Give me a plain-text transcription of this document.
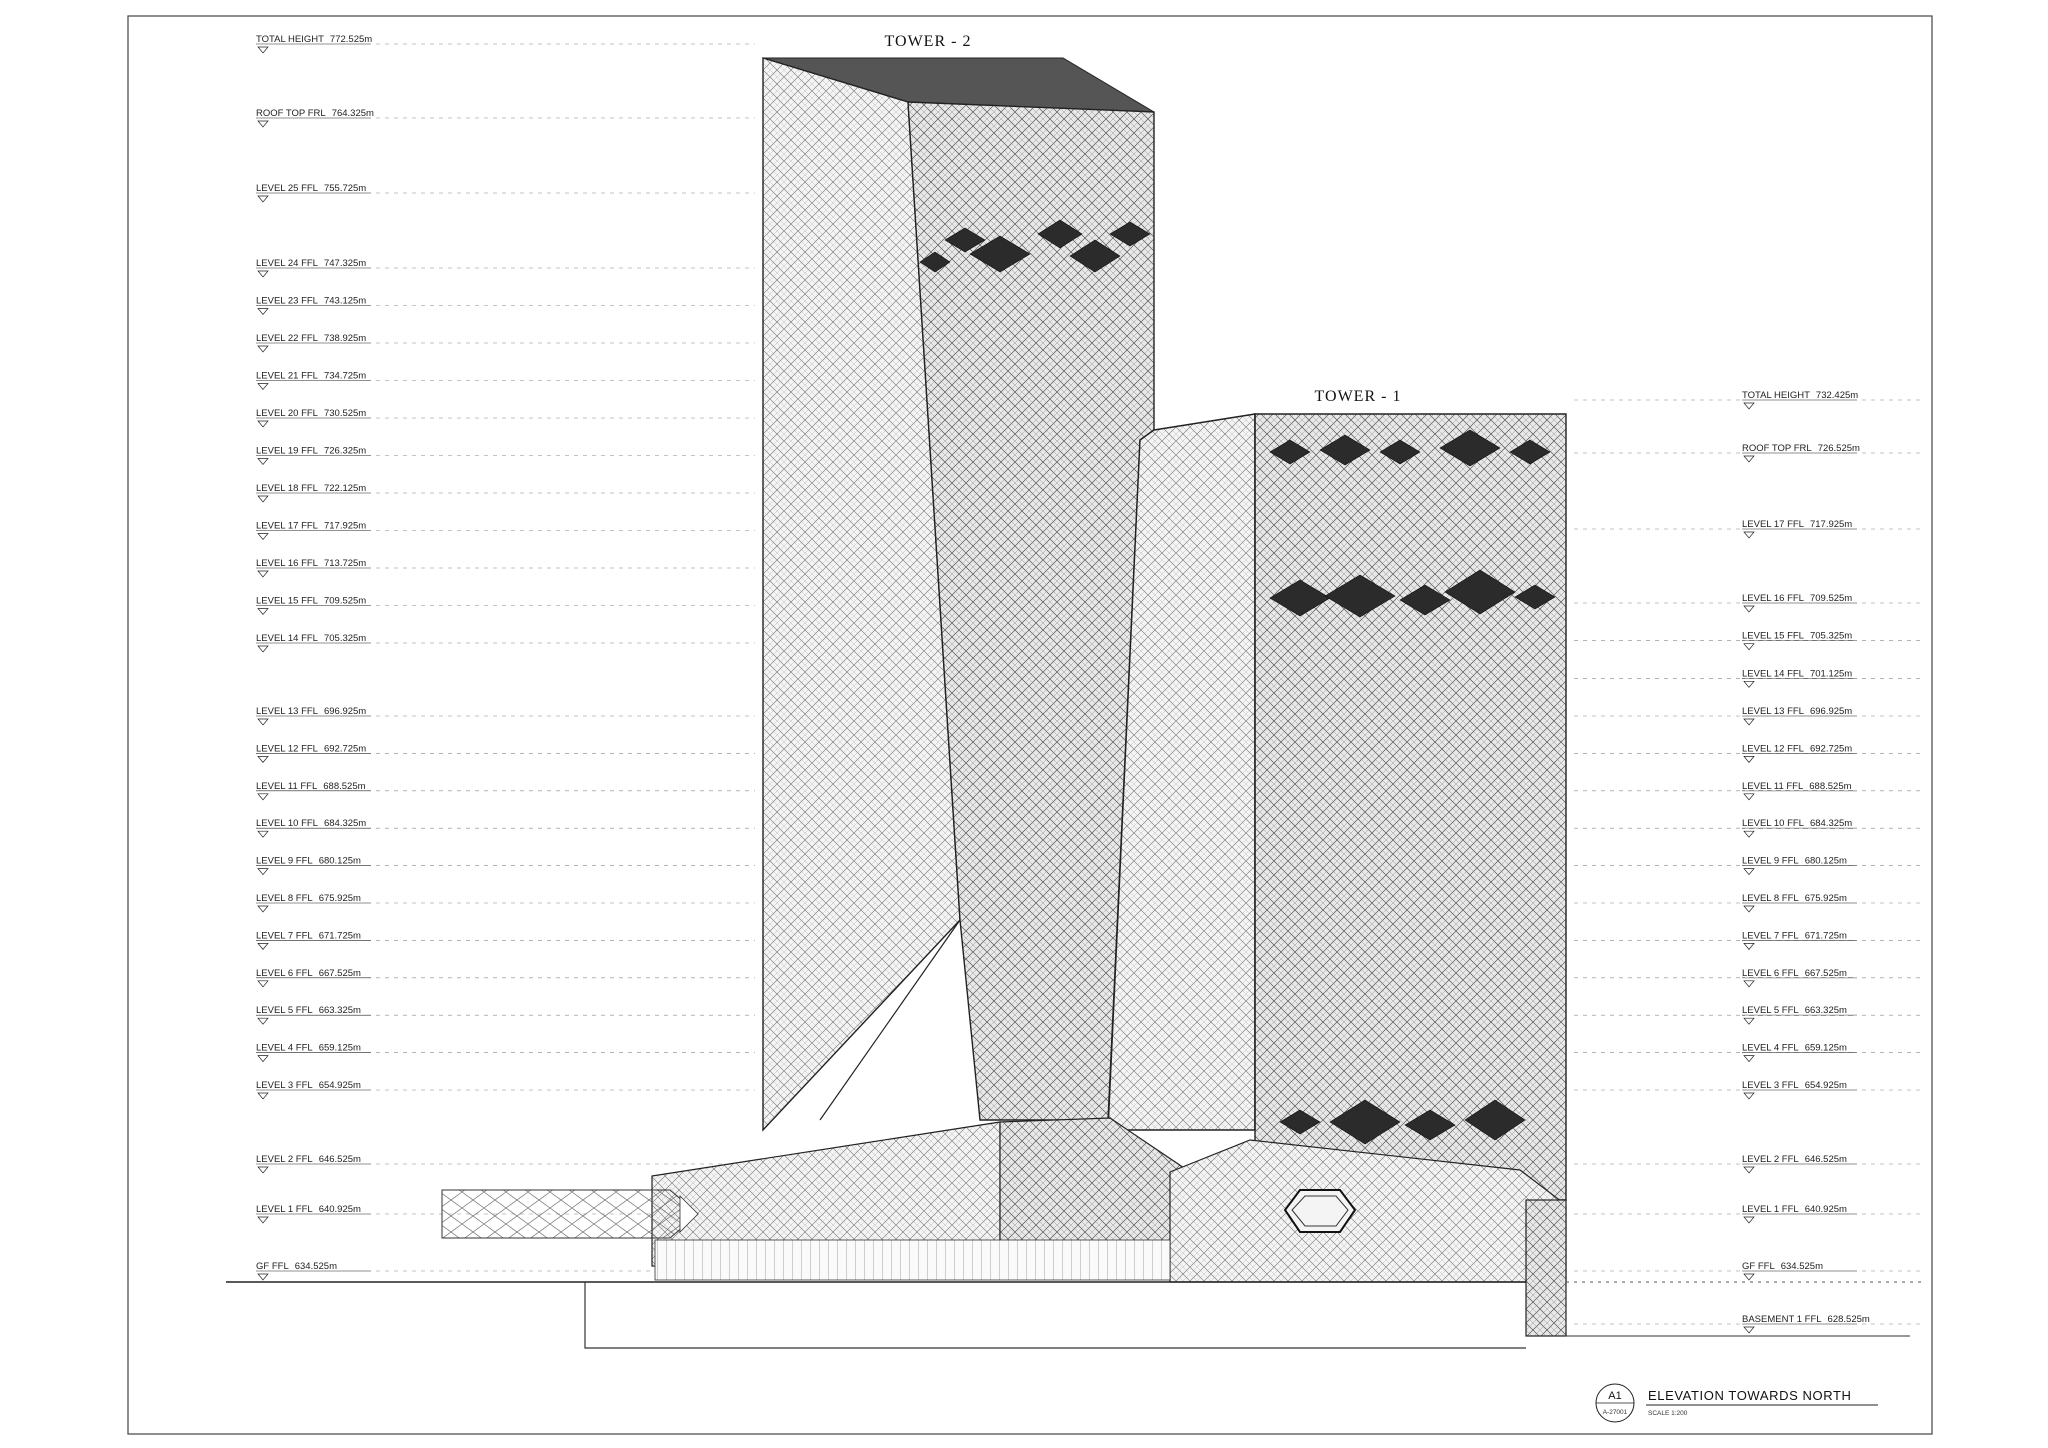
TOTAL HEIGHT 772.525m
ROOF TOP FRL 764.325m
LEVEL 25 FFL 755.725m
LEVEL 24 FFL 747.325m
LEVEL 23 FFL 743.125m
LEVEL 22 FFL 738.925m
LEVEL 21 FFL 734.725m
LEVEL 20 FFL 730.525m
LEVEL 19 FFL 726.325m
LEVEL 18 FFL 722.125m
LEVEL 17 FFL 717.925m
LEVEL 16 FFL 713.725m
LEVEL 15 FFL 709.525m
LEVEL 14 FFL 705.325m
LEVEL 13 FFL 696.925m
LEVEL 12 FFL 692.725m
LEVEL 11 FFL 688.525m
LEVEL 10 FFL 684.325m
LEVEL 9 FFL 680.125m
LEVEL 8 FFL 675.925m
LEVEL 7 FFL 671.725m
LEVEL 6 FFL 667.525m
LEVEL 5 FFL 663.325m
LEVEL 4 FFL 659.125m
LEVEL 3 FFL 654.925m
LEVEL 2 FFL 646.525m
LEVEL 1 FFL 640.925m
GF FFL 634.525m
TOTAL HEIGHT 732.425m
ROOF TOP FRL 726.525m
LEVEL 17 FFL 717.925m
LEVEL 16 FFL 709.525m
LEVEL 15 FFL 705.325m
LEVEL 14 FFL 701.125m
LEVEL 13 FFL 696.925m
LEVEL 12 FFL 692.725m
LEVEL 11 FFL 688.525m
LEVEL 10 FFL 684.325m
LEVEL 9 FFL 680.125m
LEVEL 8 FFL 675.925m
LEVEL 7 FFL 671.725m
LEVEL 6 FFL 667.525m
LEVEL 5 FFL 663.325m
LEVEL 4 FFL 659.125m
LEVEL 3 FFL 654.925m
LEVEL 2 FFL 646.525m
LEVEL 1 FFL 640.925m
GF FFL 634.525m
BASEMENT 1 FFL 628.525m
TOWER - 2
TOWER - 1
A1
A-27001
ELEVATION TOWARDS NORTH
SCALE 1:200
